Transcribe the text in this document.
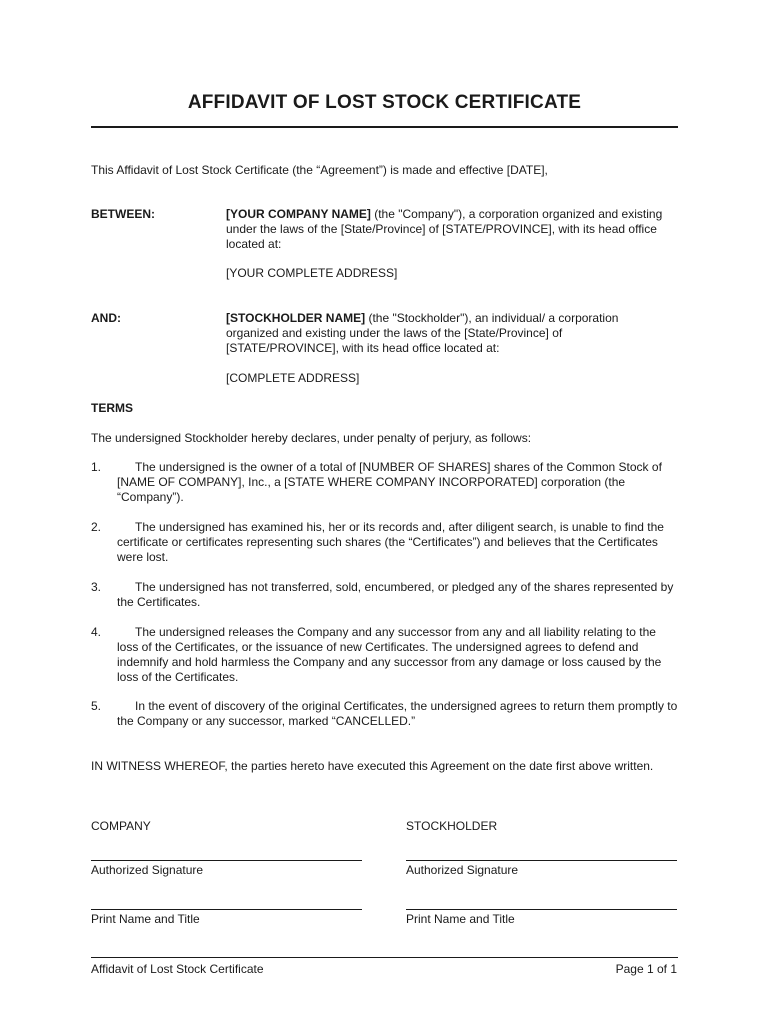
AFFIDAVIT OF LOST STOCK CERTIFICATE

This Affidavit of Lost Stock Certificate (the “Agreement”) is made and effective [DATE],

BETWEEN:	[YOUR COMPANY NAME] (the "Company"), a corporation organized and existing under the laws of the [State/Province] of [STATE/PROVINCE], with its head office located at:

[YOUR COMPLETE ADDRESS]

AND:	[STOCKHOLDER NAME] (the "Stockholder"), an individual/ a corporation organized and existing under the laws of the [State/Province] of [STATE/PROVINCE], with its head office located at:

[COMPLETE ADDRESS]

TERMS

The undersigned Stockholder hereby declares, under penalty of perjury, as follows:

1.	The undersigned is the owner of a total of [NUMBER OF SHARES] shares of the Common Stock of [NAME OF COMPANY], Inc., a [STATE WHERE COMPANY INCORPORATED] corporation (the “Company”).
2.	The undersigned has examined his, her or its records and, after diligent search, is unable to find the certificate or certificates representing such shares (the “Certificates”) and believes that the Certificates were lost.
3.	The undersigned has not transferred, sold, encumbered, or pledged any of the shares represented by the Certificates.
4.	The undersigned releases the Company and any successor from any and all liability relating to the loss of the Certificates, or the issuance of new Certificates. The undersigned agrees to defend and indemnify and hold harmless the Company and any successor from any damage or loss caused by the loss of the Certificates.
5.	In the event of discovery of the original Certificates, the undersigned agrees to return them promptly to the Company or any successor, marked “CANCELLED.”

IN WITNESS WHEREOF, the parties hereto have executed this Agreement on the date first above written.

COMPANY	STOCKHOLDER
Authorized Signature	Authorized Signature
Print Name and Title	Print Name and Title
Affidavit of Lost Stock Certificate	Page 1 of 1
